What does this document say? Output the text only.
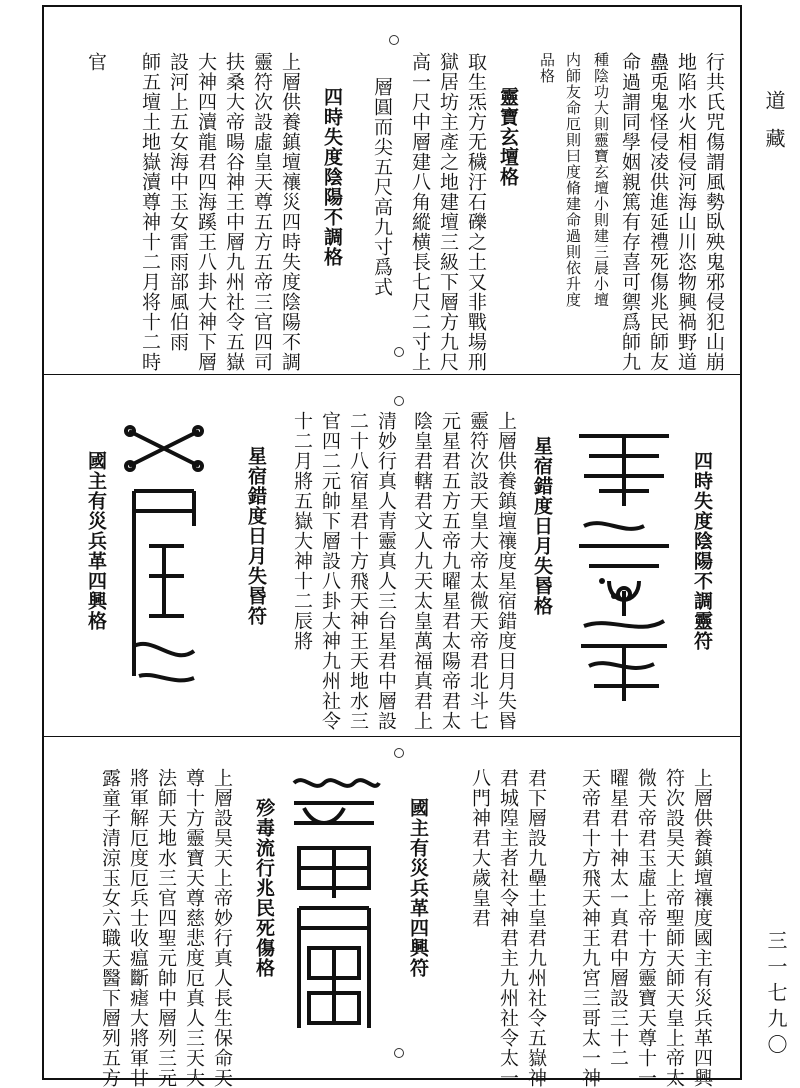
道藏
三一七九〇
行共氏咒傷謂風勢臥殃鬼邪侵犯山崩
地陷水火相侵河海山川恣物興禍野道
蠱兎鬼怪侵凌供進延禮死傷兆民師友
命過謂同學姻親篤有存喜可禦爲師九
種陰功大則靈寶玄壇小則建三晨小壇
内師友命厄則曰度脩建命過則依升度
品格
靈寶玄壇格
取生炁方无穢汙石礫之土又非戰場刑
獄居坊主產之地建壇三級下層方九尺
高一尺中層建八角縱横長七尺二寸上
層圓而尖五尺高九寸爲式
四時失度陰陽不調格
上層供養鎮壇禳災四時失度陰陽不調
靈符次設虛皇天尊五方五帝三官四司
扶桑大帝暘谷神王中層九州社令五嶽
大神四瀆龍君四海蹊王八卦大神下層
設河上五女海中玉女雷雨部風伯雨
師五壇土地嶽瀆尊神十二月将十二時
官
四時失度陰陽不調靈符
星宿錯度日月失昬格
上層供養鎮壇禳度星宿錯度日月失昬
靈符次設天皇大帝太微天帝君北斗七
元星君五方五帝九曜星君太陽帝君太
陰皇君轄君文人九天太皇萬福真君上
清妙行真人青靈真人三台星君中層設
二十八宿星君十方飛天神王天地水三
官四二元帥下層設八卦大神九州社令
十二月將五嶽大神十二辰將
星宿錯度日月失昬符
國主有災兵革四興格
上層供養鎮壇禳度國主有災兵革四興
符次設昊天上帝聖師天師天皇上帝太
微天帝君玉虛上帝十方靈寶天尊十一
曜星君十神太一真君中層設三十二
天帝君十方飛天神王九宮三哥太一神
君下層設九壘土皇君九州社令五嶽神
君城隍主者社令神君主九州社令太一
八門神君大歲皇君
國主有災兵革四興符
殄毒流行兆民死傷格
上層設昊天上帝妙行真人長生保命天
尊十方靈寶天尊慈悲度厄真人三天大
法師天地水三官四聖元帥中層列三元
將軍解厄度厄兵士收瘟斷瘧大將軍廿
露童子清涼玉女六職天醫下層列五方
